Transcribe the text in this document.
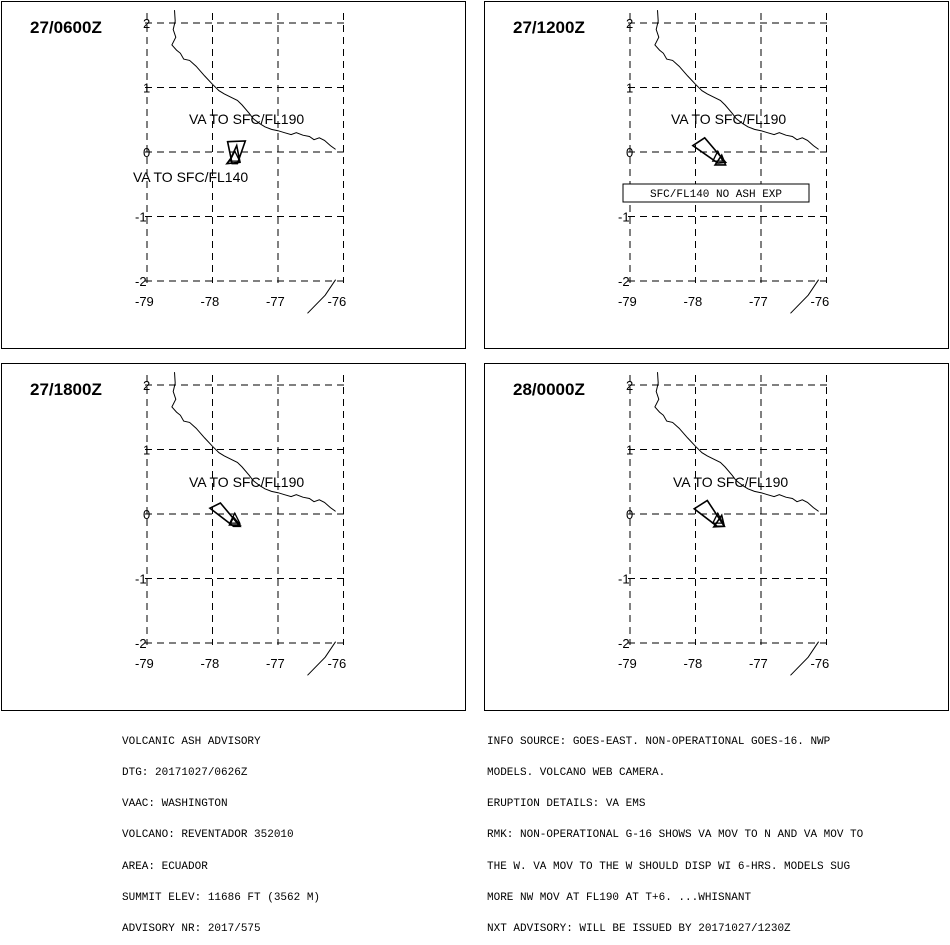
27/0600Z
-79	-78	-77	-76
2
1
0
-1
-2
VA TO SFC/FL190
VA TO SFC/FL140
27/1200Z
-79	-78	-77	-76
2
1
0
-1
-2
VA TO SFC/FL190
SFC/FL140 NO ASH EXP
27/1800Z
-79	-78	-77	-76
2
1
0
-1
-2
VA TO SFC/FL190
28/0000Z
-79	-78	-77	-76
2
1
0
-1
-2
VA TO SFC/FL190

VOLCANIC ASH ADVISORY

DTG: 20171027/0626Z

VAAC: WASHINGTON

VOLCANO: REVENTADOR 352010

AREA: ECUADOR

SUMMIT ELEV: 11686 FT (3562 M)

ADVISORY NR: 2017/575

INFO SOURCE: GOES-EAST. NON-OPERATIONAL GOES-16. NWP

MODELS. VOLCANO WEB CAMERA.

ERUPTION DETAILS: VA EMS

RMK: NON-OPERATIONAL G-16 SHOWS VA MOV TO N AND VA MOV TO

THE W. VA MOV TO THE W SHOULD DISP WI 6-HRS. MODELS SUG

MORE NW MOV AT FL190 AT T+6. ...WHISNANT

NXT ADVISORY: WILL BE ISSUED BY 20171027/1230Z
